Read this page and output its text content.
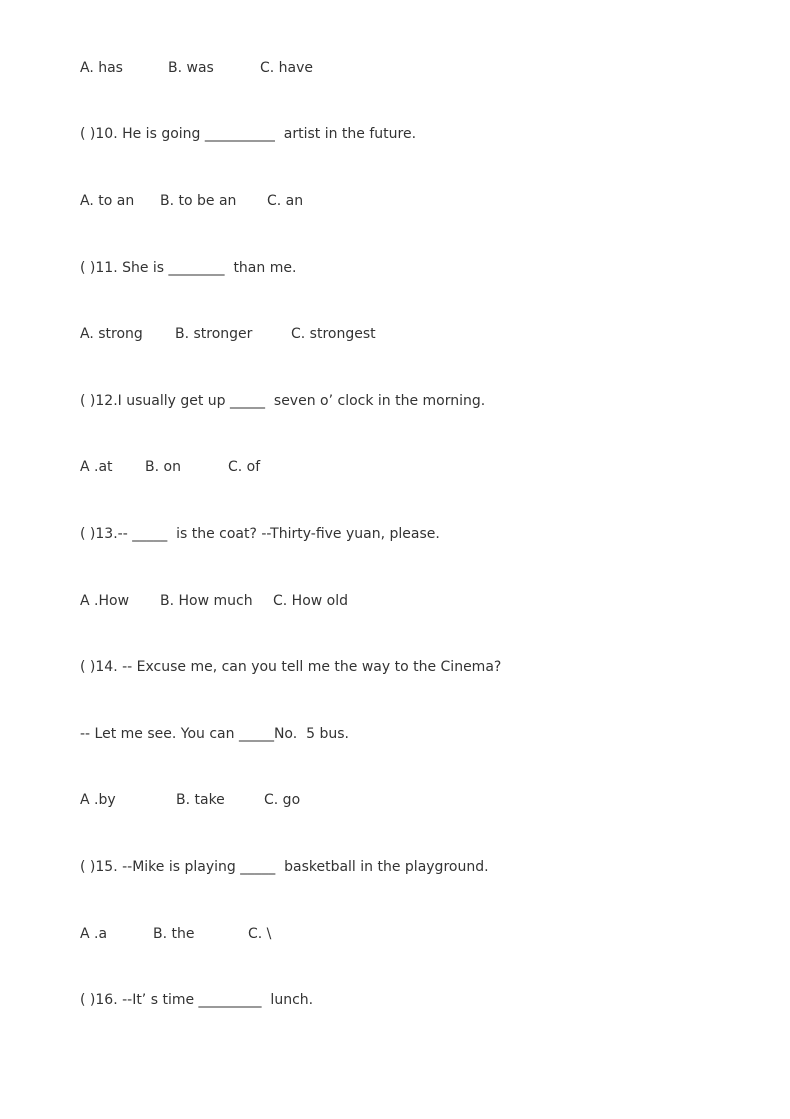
A. has

	B. was

	C. have

( )10. He is going __________  artist in the future.

A. to an

B. to be an

C. an

( )11. She is ________  than me.

A. strong

B. stronger

	C. strongest

( )12.I usually get up _____  seven o’ clock in the morning.

A .at

B. on

	C. of

( )13.-- _____  is the coat? --Thirty-five yuan, please.

A .How

B. How much

C. How old

( )14. -- Excuse me, can you tell me the way to the Cinema?
-- Let me see. You can _____No.  5 bus.

A .by

	B. take

	C. go

( )15. --Mike is playing _____  basketball in the playground.

A .a

	B. the

	C. \

( )16. --It’ s time _________  lunch.
